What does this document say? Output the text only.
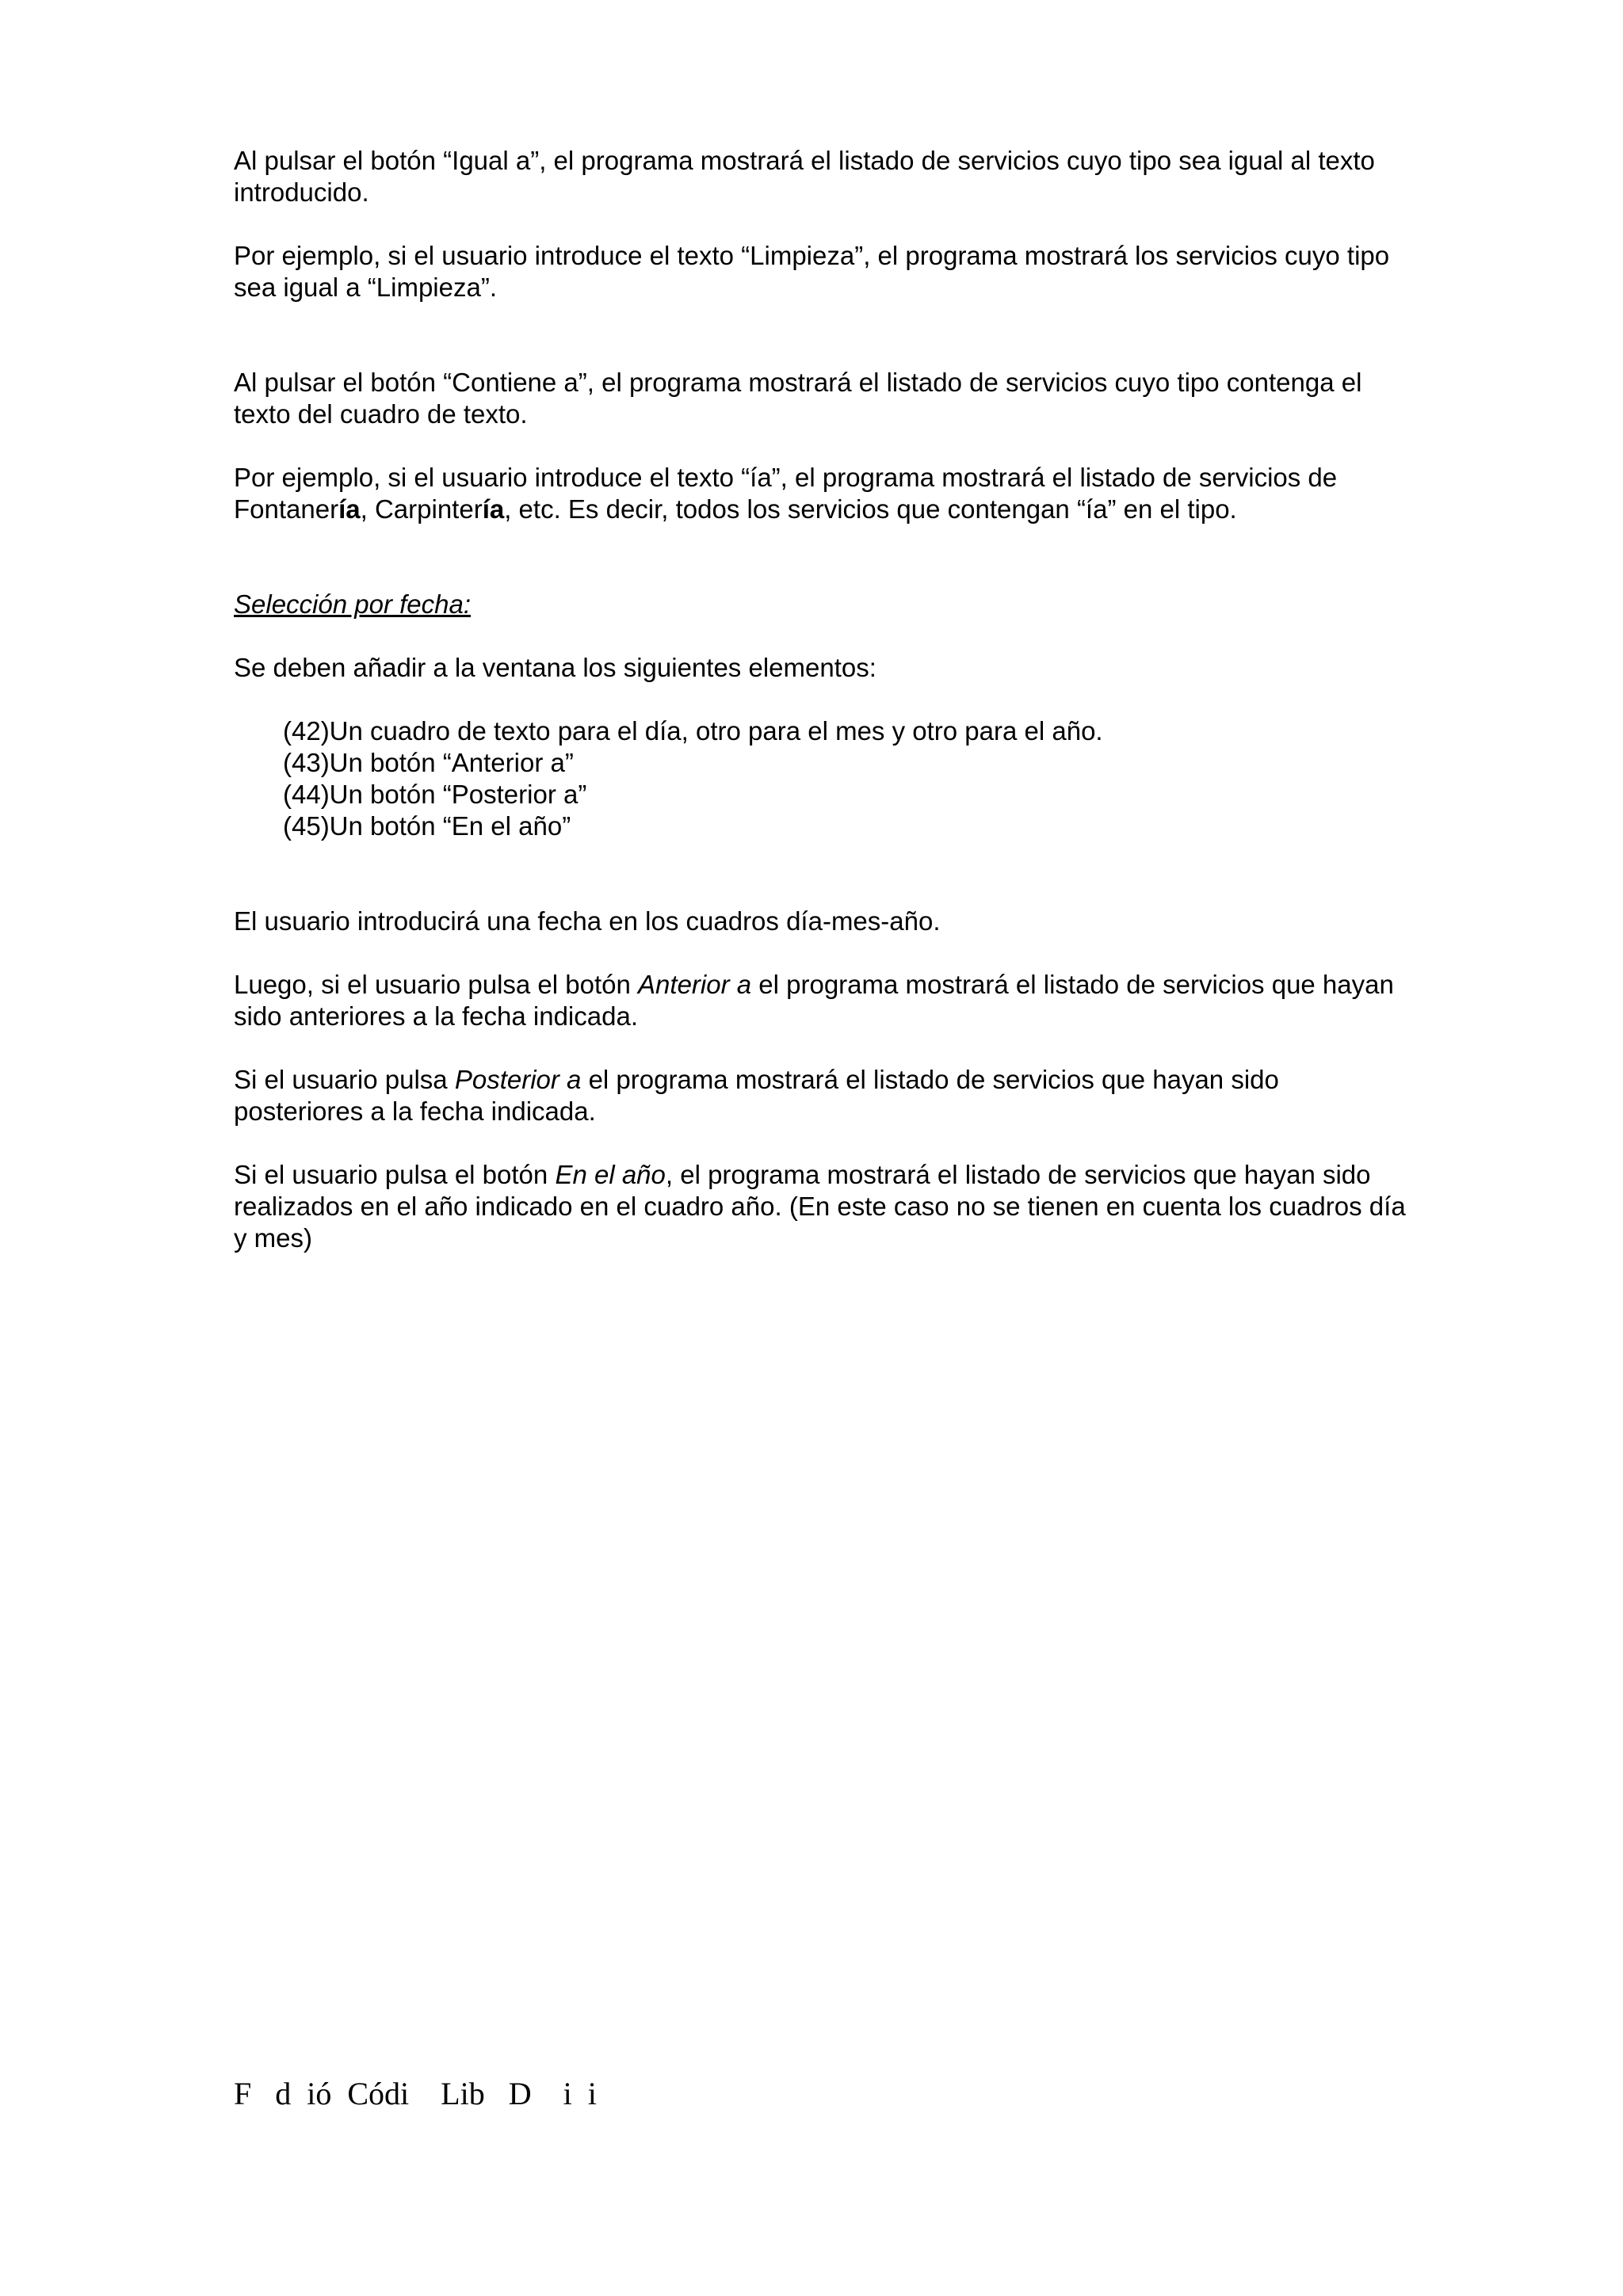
Al pulsar el botón “Igual a”, el programa mostrará el listado de servicios cuyo tipo sea igual al texto introducido.

Por ejemplo, si el usuario introduce el texto “Limpieza”, el programa mostrará los servicios cuyo tipo sea igual a “Limpieza”.

Al pulsar el botón “Contiene a”, el programa mostrará el listado de servicios cuyo tipo contenga el texto del cuadro de texto.

Por ejemplo, si el usuario introduce el texto “ía”, el programa mostrará el listado de servicios de Fontanería, Carpintería, etc. Es decir, todos los servicios que contengan “ía” en el tipo.

Selección por fecha:

Se deben añadir a la ventana los siguientes elementos:

(42)Un cuadro de texto para el día, otro para el mes y otro para el año.
(43)Un botón “Anterior a”
(44)Un botón “Posterior a”
(45)Un botón “En el año”

El usuario introducirá una fecha en los cuadros día-mes-año.

Luego, si el usuario pulsa el botón Anterior a el programa mostrará el listado de servicios que hayan sido anteriores a la fecha indicada.

Si el usuario pulsa Posterior a el programa mostrará el listado de servicios que hayan sido posteriores a la fecha indicada.

Si el usuario pulsa el botón En el año, el programa mostrará el listado de servicios que hayan sido realizados en el año indicado en el cuadro año. (En este caso no se tienen en cuenta los cuadros día y mes)

F   d  ió  Códi    Lib   D    i  i
